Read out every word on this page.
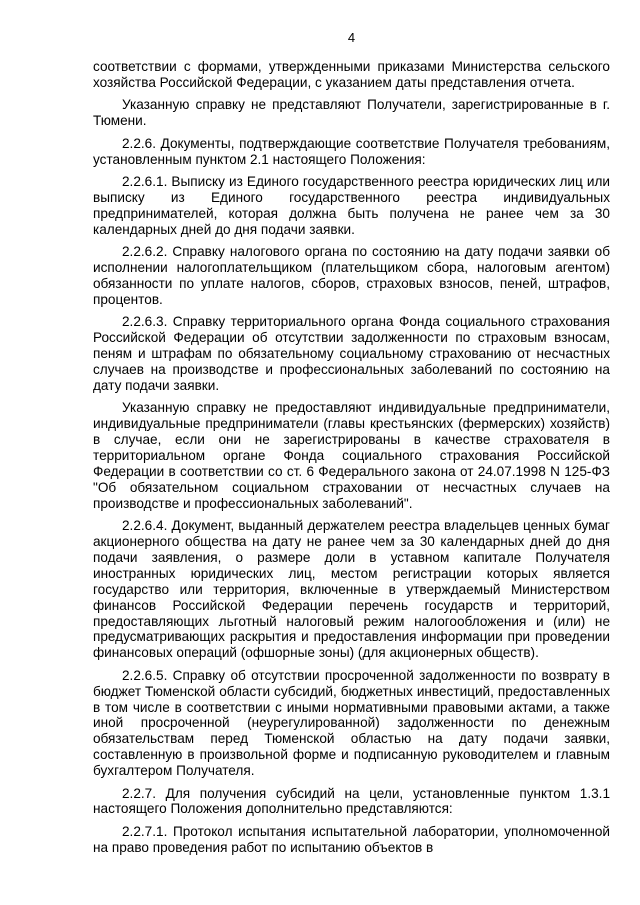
4

соответствии с формами, утвержденными приказами Министерства сельского хозяйства Российской Федерации, с указанием даты представления отчета.

Указанную справку не представляют Получатели, зарегистрированные в г. Тюмени.

2.2.6. Документы, подтверждающие соответствие Получателя требованиям, установленным пунктом 2.1 настоящего Положения:

2.2.6.1. Выписку из Единого государственного реестра юридических лиц или выписку из Единого государственного реестра индивидуальных предпринимателей, которая должна быть получена не ранее чем за 30 календарных дней до дня подачи заявки.

2.2.6.2. Справку налогового органа по состоянию на дату подачи заявки об исполнении налогоплательщиком (плательщиком сбора, налоговым агентом) обязанности по уплате налогов, сборов, страховых взносов, пеней, штрафов, процентов.

2.2.6.3. Справку территориального органа Фонда социального страхования Российской Федерации об отсутствии задолженности по страховым взносам, пеням и штрафам по обязательному социальному страхованию от несчастных случаев на производстве и профессиональных заболеваний по состоянию на дату подачи заявки.

Указанную справку не предоставляют индивидуальные предприниматели, индивидуальные предприниматели (главы крестьянских (фермерских) хозяйств) в случае, если они не зарегистрированы в качестве страхователя в территориальном органе Фонда социального страхования Российской Федерации в соответствии со ст. 6 Федерального закона от 24.07.1998 N 125-ФЗ "Об обязательном социальном страховании от несчастных случаев на производстве и профессиональных заболеваний".

2.2.6.4. Документ, выданный держателем реестра владельцев ценных бумаг акционерного общества на дату не ранее чем за 30 календарных дней до дня подачи заявления, о размере доли в уставном капитале Получателя иностранных юридических лиц, местом регистрации которых является государство или территория, включенные в утверждаемый Министерством финансов Российской Федерации перечень государств и территорий, предоставляющих льготный налоговый режим налогообложения и (или) не предусматривающих раскрытия и предоставления информации при проведении финансовых операций (офшорные зоны) (для акционерных обществ).

2.2.6.5. Справку об отсутствии просроченной задолженности по возврату в бюджет Тюменской области субсидий, бюджетных инвестиций, предоставленных в том числе в соответствии с иными нормативными правовыми актами, а также иной просроченной (неурегулированной) задолженности по денежным обязательствам перед Тюменской областью на дату подачи заявки, составленную в произвольной форме и подписанную руководителем и главным бухгалтером Получателя.

2.2.7. Для получения субсидий на цели, установленные пунктом 1.3.1 настоящего Положения дополнительно представляются:

2.2.7.1. Протокол испытания испытательной лаборатории, уполномоченной на право проведения работ по испытанию объектов в
